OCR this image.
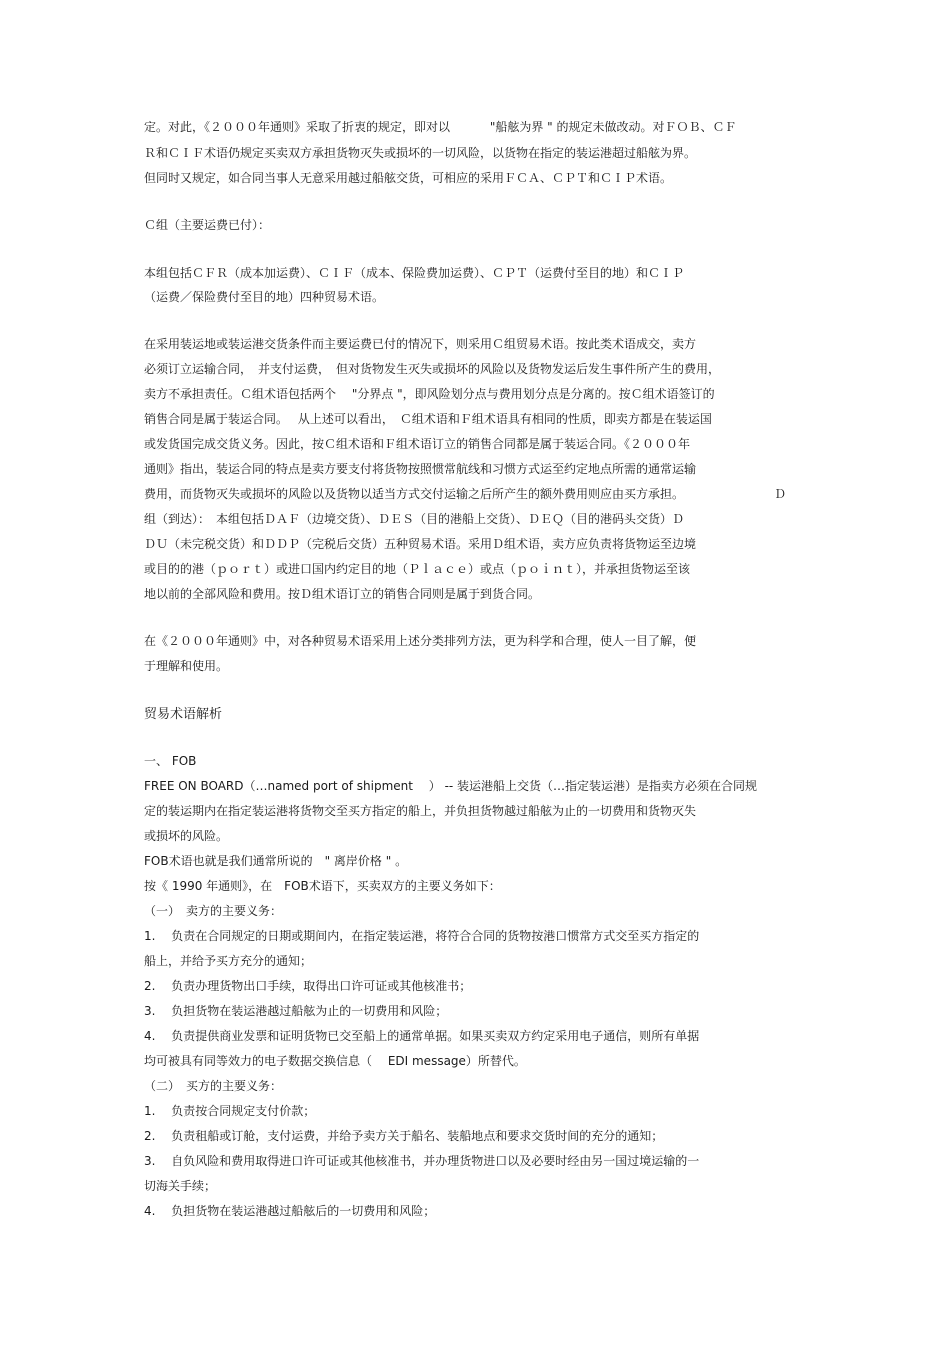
定。对此，《２０００年通则》采取了折衷的规定，即对以　　　 "船舷为界 " 的规定未做改动。对ＦＯＢ、ＣＦ

Ｒ和ＣＩＦ术语仍规定买卖双方承担货物灭失或损坏的一切风险，以货物在指定的装运港超过船舷为界。

但同时又规定，如合同当事人无意采用越过船舷交货，可相应的采用ＦＣＡ、ＣＰＴ和ＣＩＰ术语。

Ｃ组（主要运费已付）：

本组包括ＣＦＲ（成本加运费）、ＣＩＦ（成本、保险费加运费）、ＣＰＴ（运费付至目的地）和ＣＩＰ

（运费／保险费付至目的地）四种贸易术语。

在采用装运地或装运港交货条件而主要运费已付的情况下，则采用Ｃ组贸易术语。按此类术语成交，卖方

必须订立运输合同，　并支付运费，　但对货物发生灭失或损坏的风险以及货物发运后发生事件所产生的费用，

卖方不承担责任。Ｃ组术语包括两个　 "分界点 "，即风险划分点与费用划分点是分离的。按Ｃ组术语签订的

销售合同是属于装运合同。　 从上述可以看出，　Ｃ组术语和Ｆ组术语具有相同的性质，即卖方都是在装运国

或发货国完成交货义务。因此，按Ｃ组术语和Ｆ组术语订立的销售合同都是属于装运合同。《２０００年

通则》指出，装运合同的特点是卖方要支付将货物按照惯常航线和习惯方式运至约定地点所需的通常运输

费用，而货物灭失或损坏的风险以及货物以适当方式交付运输之后所产生的额外费用则应由买方承担。　　　　　　　　Ｄ

组（到达）：　本组包括ＤＡＦ（边境交货）、ＤＥＳ（目的港船上交货）、ＤＥＱ（目的港码头交货）Ｄ

ＤＵ（未完税交货）和ＤＤＰ（完税后交货）五种贸易术语。采用Ｄ组术语，卖方应负责将货物运至边境

或目的的港（ｐｏｒｔ）或进口国内约定目的地（Ｐｌａｃｅ）或点（ｐｏｉｎｔ），并承担货物运至该

地以前的全部风险和费用。按Ｄ组术语订立的销售合同则是属于到货合同。

在《２０００年通则》中，对各种贸易术语采用上述分类排列方法，更为科学和合理，使人一目了解，便

于理解和使用。

贸易术语解析

一、 FOB

FREE ON BOARD（…named port of shipment　 ） -- 装运港船上交货（…指定装运港）是指卖方必须在合同规

定的装运期内在指定装运港将货物交至买方指定的船上，并负担货物越过船舷为止的一切费用和货物灭失

或损坏的风险。

FOB术语也就是我们通常所说的　" 离岸价格 " 。

按《 1990 年通则》，在　FOB术语下，买卖双方的主要义务如下：

（一）　卖方的主要义务：

1.　 负责在合同规定的日期或期间内，在指定装运港，将符合合同的货物按港口惯常方式交至买方指定的

船上，并给予买方充分的通知；

2.　 负责办理货物出口手续，取得出口许可证或其他核准书；

3.　 负担货物在装运港越过船舷为止的一切费用和风险；

4.　 负责提供商业发票和证明货物已交至船上的通常单据。如果买卖双方约定采用电子通信，则所有单据

均可被具有同等效力的电子数据交换信息（　 EDI message）所替代。

（二）　买方的主要义务：

1.　 负责按合同规定支付价款；

2.　 负责租船或订舱，支付运费，并给予卖方关于船名、装船地点和要求交货时间的充分的通知；

3.　 自负风险和费用取得进口许可证或其他核准书，并办理货物进口以及必要时经由另一国过境运输的一

切海关手续；

4.　 负担货物在装运港越过船舷后的一切费用和风险；
